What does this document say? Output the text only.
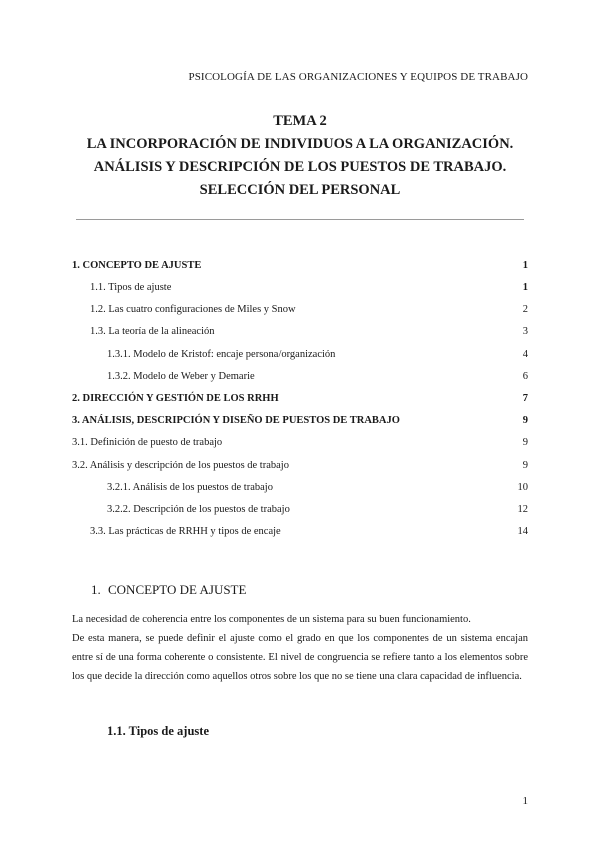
PSICOLOGÍA DE LAS ORGANIZACIONES Y EQUIPOS DE TRABAJO
TEMA 2
LA INCORPORACIÓN DE INDIVIDUOS A LA ORGANIZACIÓN.
ANÁLISIS Y DESCRIPCIÓN DE LOS PUESTOS DE TRABAJO.
SELECCIÓN DEL PERSONAL
1. CONCEPTO DE AJUSTE	1
1.1. Tipos de ajuste	1
1.2. Las cuatro configuraciones de Miles y Snow	2
1.3. La teoría de la alineación	3
1.3.1. Modelo de Kristof: encaje persona/organización	4
1.3.2. Modelo de Weber y Demarie	6
2. DIRECCIÓN Y GESTIÓN DE LOS RRHH	7
3. ANÁLISIS, DESCRIPCIÓN Y DISEÑO DE PUESTOS DE TRABAJO	9
3.1. Definición de puesto de trabajo	9
3.2. Análisis y descripción de los puestos de trabajo	9
3.2.1. Análisis de los puestos de trabajo	10
3.2.2. Descripción de los puestos de trabajo	12
3.3. Las prácticas de RRHH y tipos de encaje	14
1. CONCEPTO DE AJUSTE
La necesidad de coherencia entre los componentes de un sistema para su buen funcionamiento.
De esta manera, se puede definir el ajuste como el grado en que los componentes de un sistema encajan entre sí de una forma coherente o consistente. El nivel de congruencia se refiere tanto a los elementos sobre los que decide la dirección como aquellos otros sobre los que no se tiene una clara capacidad de influencia.
1.1. Tipos de ajuste
1
